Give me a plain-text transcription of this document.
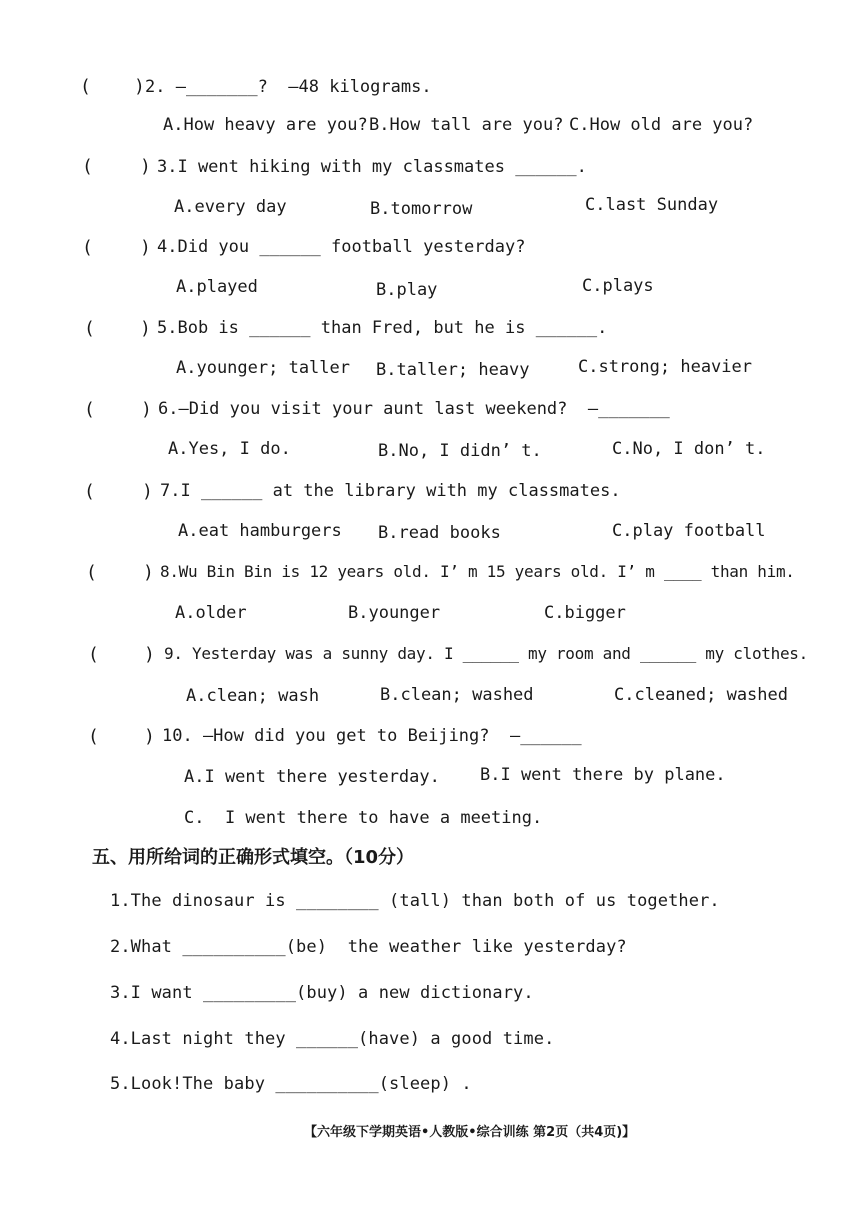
( ) 2. —_______?  —48 kilograms.
A.How heavy are you? B.How tall are you? C.How old are you?
(	) 3.I went hiking with my classmates ______.
A.every day	B.tomorrow	C.last Sunday
(	) 4.Did you ______ football yesterday?
A.played	B.play	C.plays
(	) 5.Bob is ______ than Fred, but he is ______.
A.younger; taller B.taller; heavy	C.strong; heavier
(	) 6.—Did you visit your aunt last weekend?  —_______
A.Yes, I do.	B.No, I didn’ t.	C.No, I don’ t.
(	) 7.I ______ at the library with my classmates.
A.eat hamburgers B.read books	C.play football
(	) 8.Wu Bin Bin is 12 years old. I’ m 15 years old. I’ m ____ than him.
A.older	B.younger	C.bigger
(	) 9. Yesterday was a sunny day. I ______ my room and ______ my clothes.
A.clean; wash	B.clean; washed	C.cleaned; washed
(	) 10. —How did you get to Beijing?  —______
A.I went there yesterday. B.I went there by plane.
C.  I went there to have a meeting.
五、用所给词的正确形式填空。（10分）
1.The dinosaur is ________ (tall) than both of us together.
2.What __________(be)  the weather like yesterday?
3.I want _________(buy) a new dictionary.
4.Last night they ______(have) a good time.
5.Look!The baby __________(sleep) .
【六年级下学期英语•人教版•综合训练 第2页（共4页)】
